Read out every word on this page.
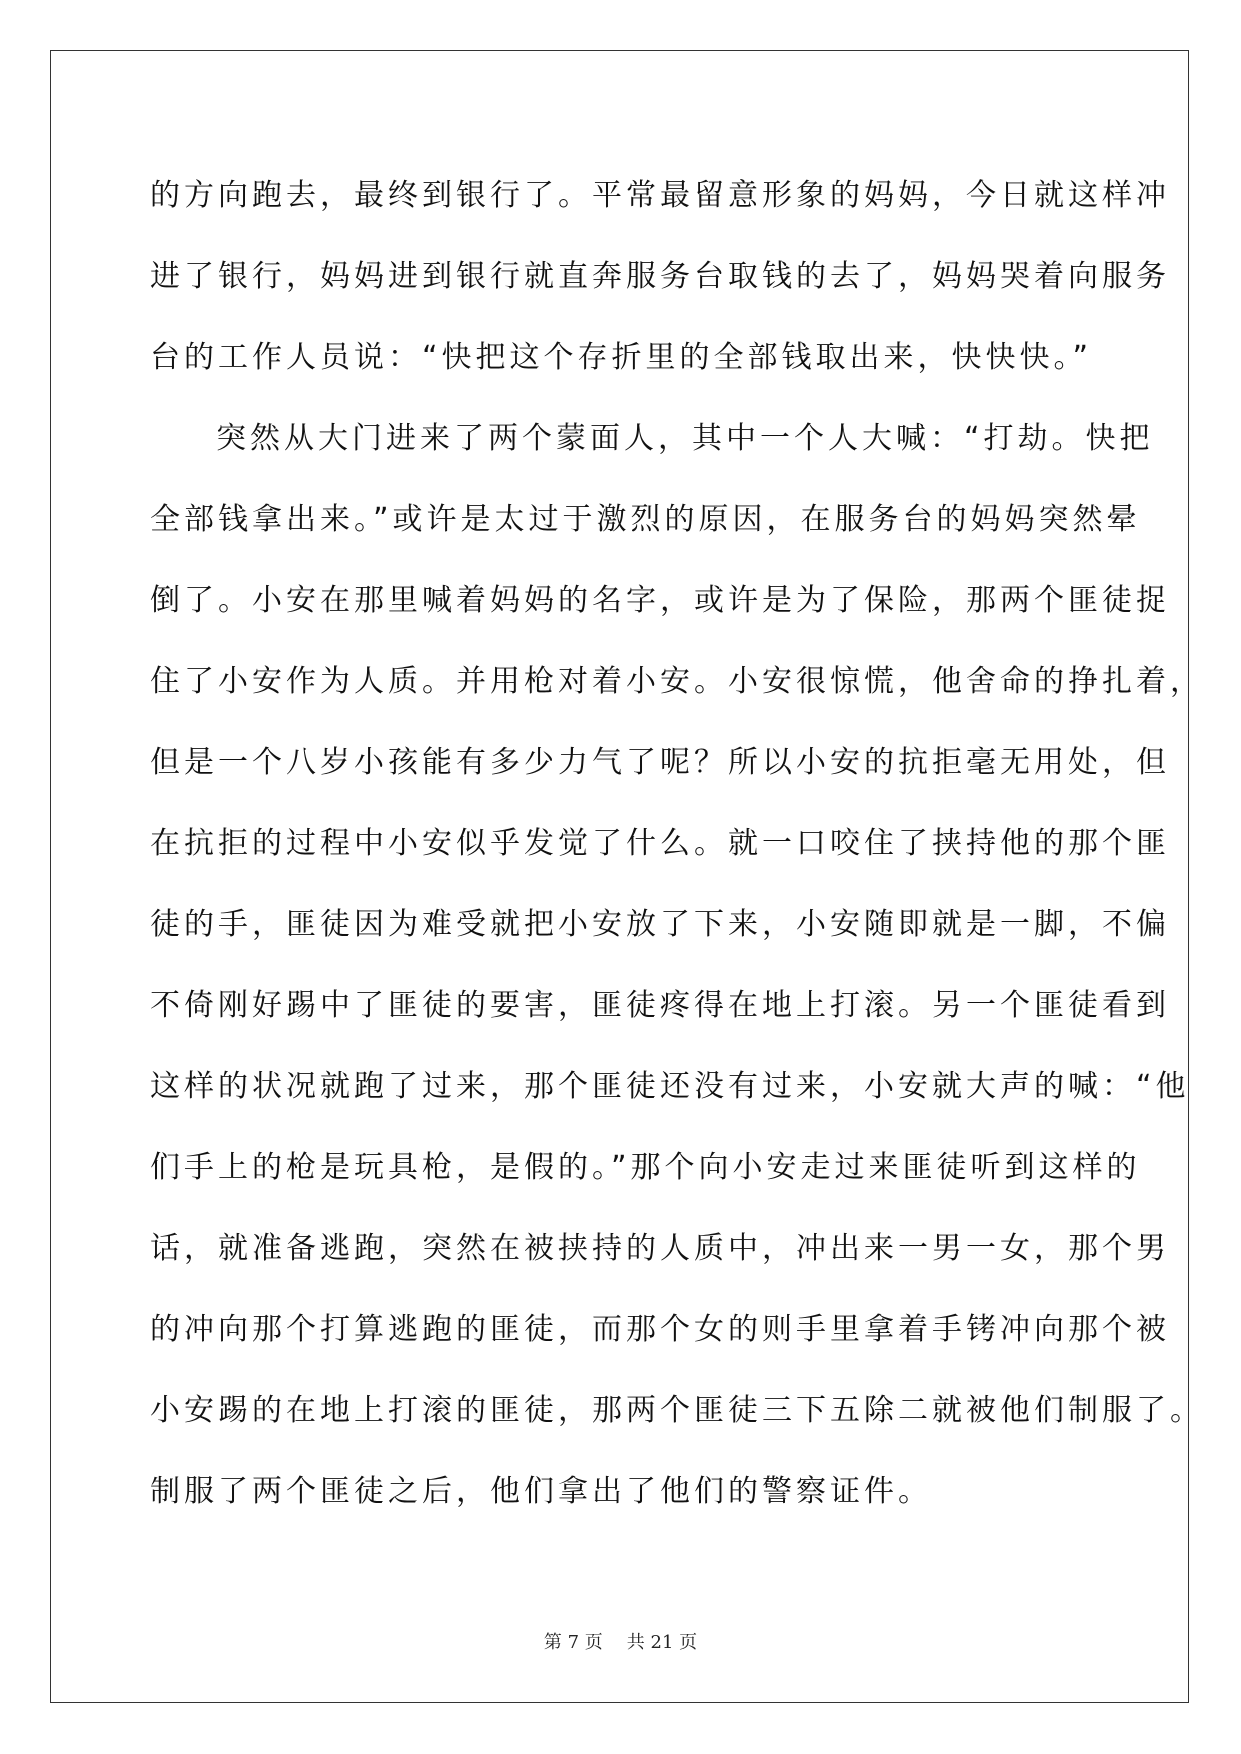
的方向跑去，最终到银行了。平常最留意形象的妈妈，今日就这样冲
进了银行，妈妈进到银行就直奔服务台取钱的去了，妈妈哭着向服务
台的工作人员说：“快把这个存折里的全部钱取出来，快快快。”
突然从大门进来了两个蒙面人，其中一个人大喊：“打劫。快把
全部钱拿出来。”或许是太过于激烈的原因，在服务台的妈妈突然晕
倒了。小安在那里喊着妈妈的名字，或许是为了保险，那两个匪徒捉
住了小安作为人质。并用枪对着小安。小安很惊慌，他舍命的挣扎着，
但是一个八岁小孩能有多少力气了呢？所以小安的抗拒毫无用处，但
在抗拒的过程中小安似乎发觉了什么。就一口咬住了挟持他的那个匪
徒的手，匪徒因为难受就把小安放了下来，小安随即就是一脚，不偏
不倚刚好踢中了匪徒的要害，匪徒疼得在地上打滚。另一个匪徒看到
这样的状况就跑了过来，那个匪徒还没有过来，小安就大声的喊：“他
们手上的枪是玩具枪，是假的。”那个向小安走过来匪徒听到这样的
话，就准备逃跑，突然在被挟持的人质中，冲出来一男一女，那个男
的冲向那个打算逃跑的匪徒，而那个女的则手里拿着手铐冲向那个被
小安踢的在地上打滚的匪徒，那两个匪徒三下五除二就被他们制服了。
制服了两个匪徒之后，他们拿出了他们的警察证件。
第 7 页 共 21 页
